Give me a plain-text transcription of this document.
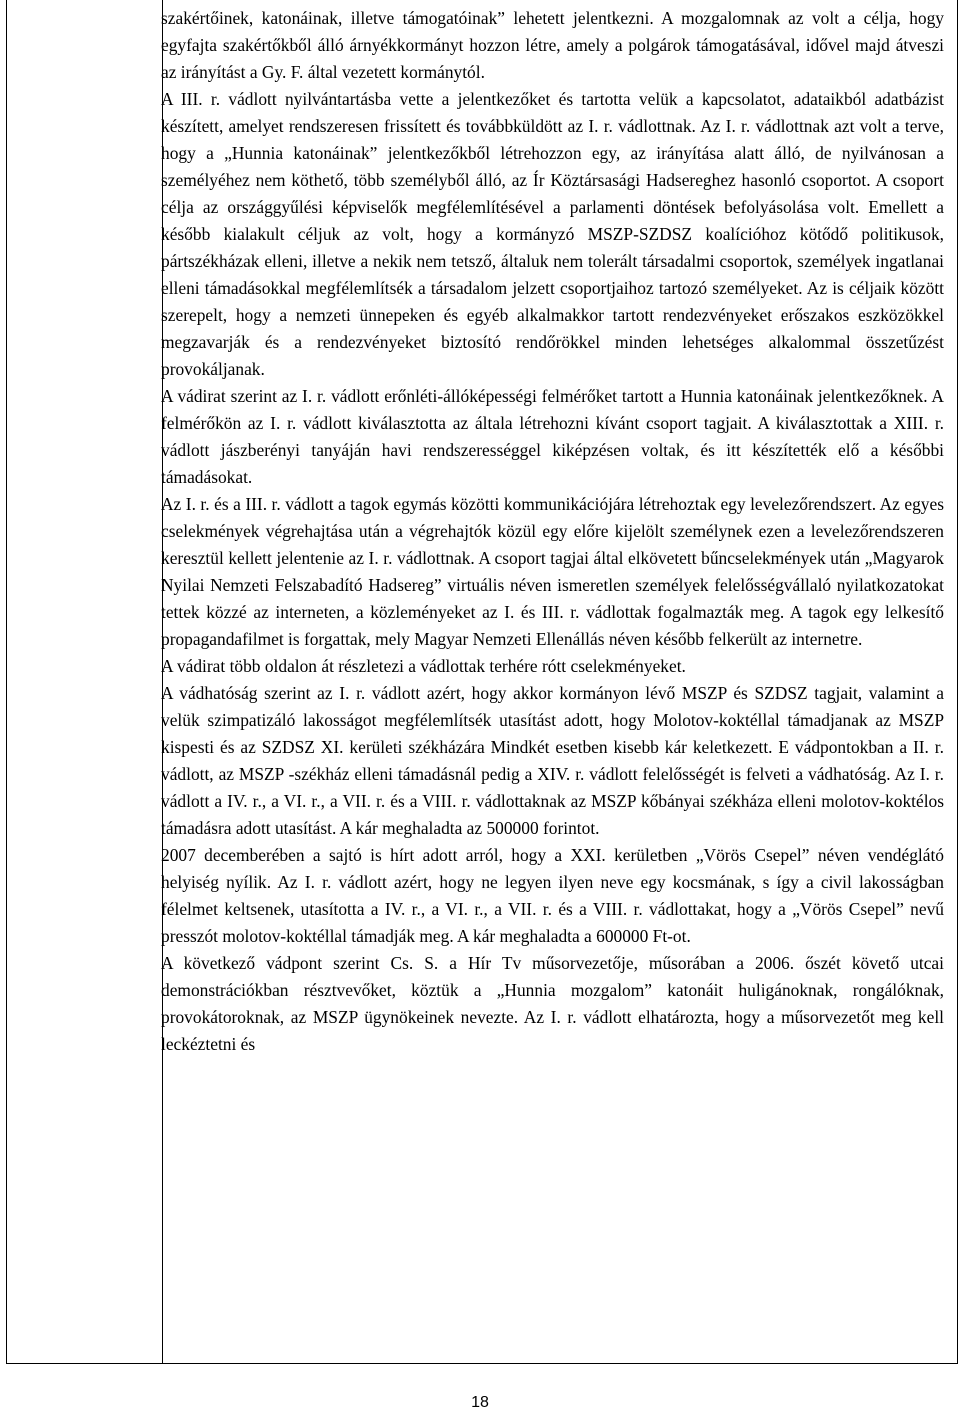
szakértőinek, katonáinak, illetve támogatóinak” lehetett jelentkezni. A mozgalomnak az volt a célja, hogy egyfajta szakértőkből álló árnyékkormányt hozzon létre, amely a polgárok támogatásával, idővel majd átveszi az irányítást a Gy. F. által vezetett kormánytól.

A III. r. vádlott nyilvántartásba vette a jelentkezőket és tartotta velük a kapcsolatot, adataikból adatbázist készített, amelyet rendszeresen frissített és továbbküldött az I. r. vádlottnak. Az I. r. vádlottnak azt volt a terve, hogy a „Hunnia katonáinak” jelentkezőkből létrehozzon egy, az irányítása alatt álló, de nyilvánosan a személyéhez nem köthető, több személyből álló, az Ír Köztársasági Hadsereghez hasonló csoportot. A csoport célja az országgyűlési képviselők megfélemlítésével a parlamenti döntések befolyásolása volt. Emellett a később kialakult céljuk az volt, hogy a kormányzó MSZP-SZDSZ koalícióhoz kötődő politikusok, pártszékházak elleni, illetve a nekik nem tetsző, általuk nem tolerált társadalmi csoportok, személyek ingatlanai elleni támadásokkal megfélemlítsék a társadalom jelzett csoportjaihoz tartozó személyeket. Az is céljaik között szerepelt, hogy a nemzeti ünnepeken és egyéb alkalmakkor tartott rendezvényeket erőszakos eszközökkel megzavarják és a rendezvényeket biztosító rendőrökkel minden lehetséges alkalommal összetűzést provokáljanak.

A vádirat szerint az I. r. vádlott erőnléti-állóképességi felmérőket tartott a Hunnia katonáinak jelentkezőknek. A felmérőkön az I. r. vádlott kiválasztotta az általa létrehozni kívánt csoport tagjait. A kiválasztottak a XIII. r. vádlott jászberényi tanyáján havi rendszerességgel kiképzésen voltak, és itt készítették elő a későbbi támadásokat.

Az I. r. és a III. r. vádlott a tagok egymás közötti kommunikációjára létrehoztak egy levelezőrendszert. Az egyes cselekmények végrehajtása után a végrehajtók közül egy előre kijelölt személynek ezen a levelezőrendszeren keresztül kellett jelentenie az I. r. vádlottnak. A csoport tagjai által elkövetett bűncselekmények után „Magyarok Nyilai Nemzeti Felszabadító Hadsereg” virtuális néven ismeretlen személyek felelősségvállaló nyilatkozatokat tettek közzé az interneten, a közleményeket az I. és III. r. vádlottak fogalmazták meg. A tagok egy lelkesítő propagandafilmet is forgattak, mely Magyar Nemzeti Ellenállás néven később felkerült az internetre.

A vádirat több oldalon át részletezi a vádlottak terhére rótt cselekményeket.

A vádhatóság szerint az I. r. vádlott azért, hogy akkor kormányon lévő MSZP és SZDSZ tagjait, valamint a velük szimpatizáló lakosságot megfélemlítsék utasítást adott, hogy Molotov-koktéllal támadjanak az MSZP kispesti és az SZDSZ XI. kerületi székházára Mindkét esetben kisebb kár keletkezett. E vádpontokban a II. r. vádlott, az MSZP -székház elleni támadásnál pedig a XIV. r. vádlott felelősségét is felveti a vádhatóság. Az I. r. vádlott a IV. r., a VI. r., a VII. r. és a VIII. r. vádlottaknak az MSZP kőbányai székháza elleni molotov-koktélos támadásra adott utasítást. A kár meghaladta az 500000 forintot.

2007 decemberében a sajtó is hírt adott arról, hogy a XXI. kerületben „Vörös Csepel” néven vendéglátó helyiség nyílik. Az I. r. vádlott azért, hogy ne legyen ilyen neve egy kocsmának, s így a civil lakosságban félelmet keltsenek, utasította a IV. r., a VI. r., a VII. r. és a VIII. r. vádlottakat, hogy a „Vörös Csepel” nevű presszót molotov-koktéllal támadják meg. A kár meghaladta a 600000 Ft-ot.

A következő vádpont szerint Cs. S. a Hír Tv műsorvezetője, műsorában a 2006. őszét követő utcai demonstrációkban résztvevőket, köztük a „Hunnia mozgalom” katonáit huligánoknak, rongálóknak, provokátoroknak, az MSZP ügynökeinek nevezte. Az I. r. vádlott elhatározta, hogy a műsorvezetőt meg kell leckéztetni és

18
